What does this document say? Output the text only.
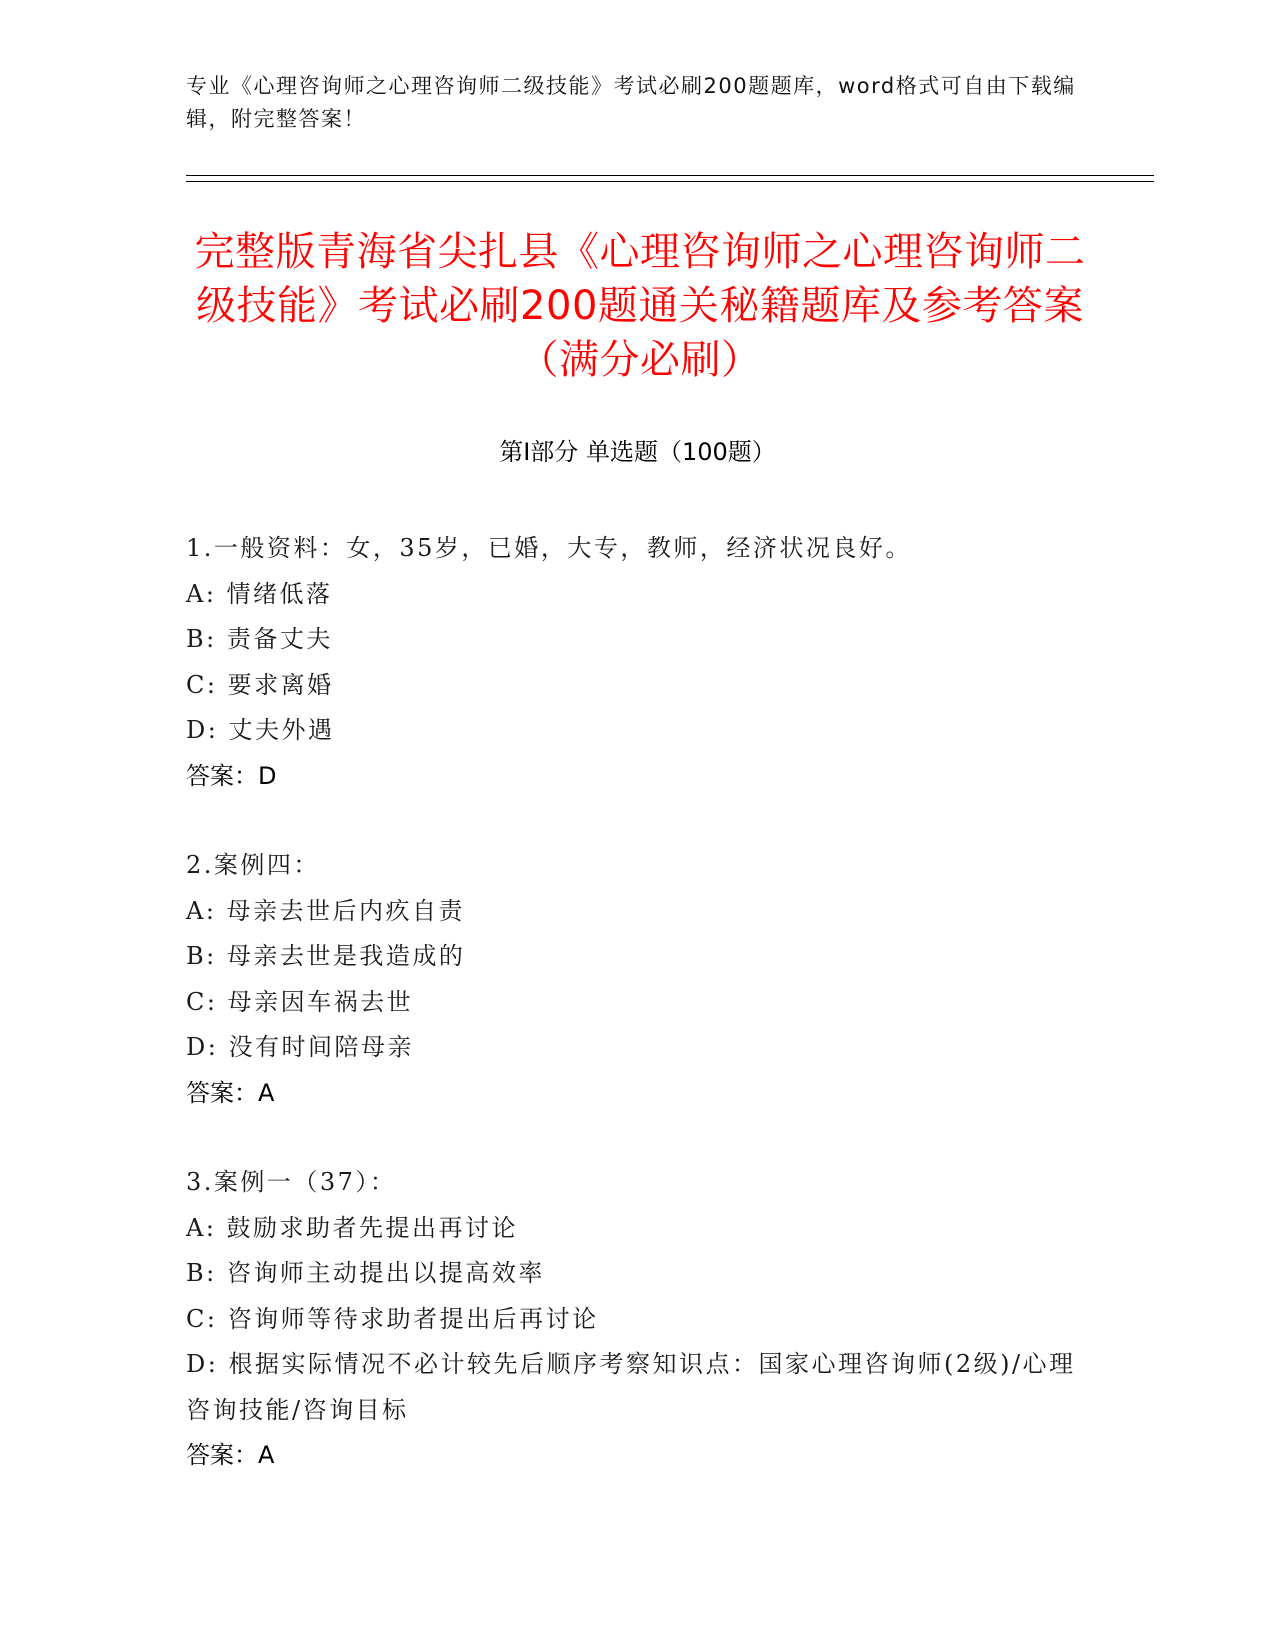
专业《心理咨询师之心理咨询师二级技能》考试必刷200题题库，word格式可自由下载编辑，附完整答案！
完整版青海省尖扎县《心理咨询师之心理咨询师二级技能》考试必刷200题通关秘籍题库及参考答案（满分必刷）
第I部分 单选题（100题）
1.一般资料：女，35岁，已婚，大专，教师，经济状况良好。
A: 情绪低落
B: 责备丈夫
C: 要求离婚
D: 丈夫外遇
答案：D
2.案例四：
A: 母亲去世后内疚自责
B: 母亲去世是我造成的
C: 母亲因车祸去世
D: 没有时间陪母亲
答案：A
3.案例一（37）：
A: 鼓励求助者先提出再讨论
B: 咨询师主动提出以提高效率
C: 咨询师等待求助者提出后再讨论
D: 根据实际情况不必计较先后顺序考察知识点：国家心理咨询师(2级)/心理咨询技能/咨询目标
答案：A
